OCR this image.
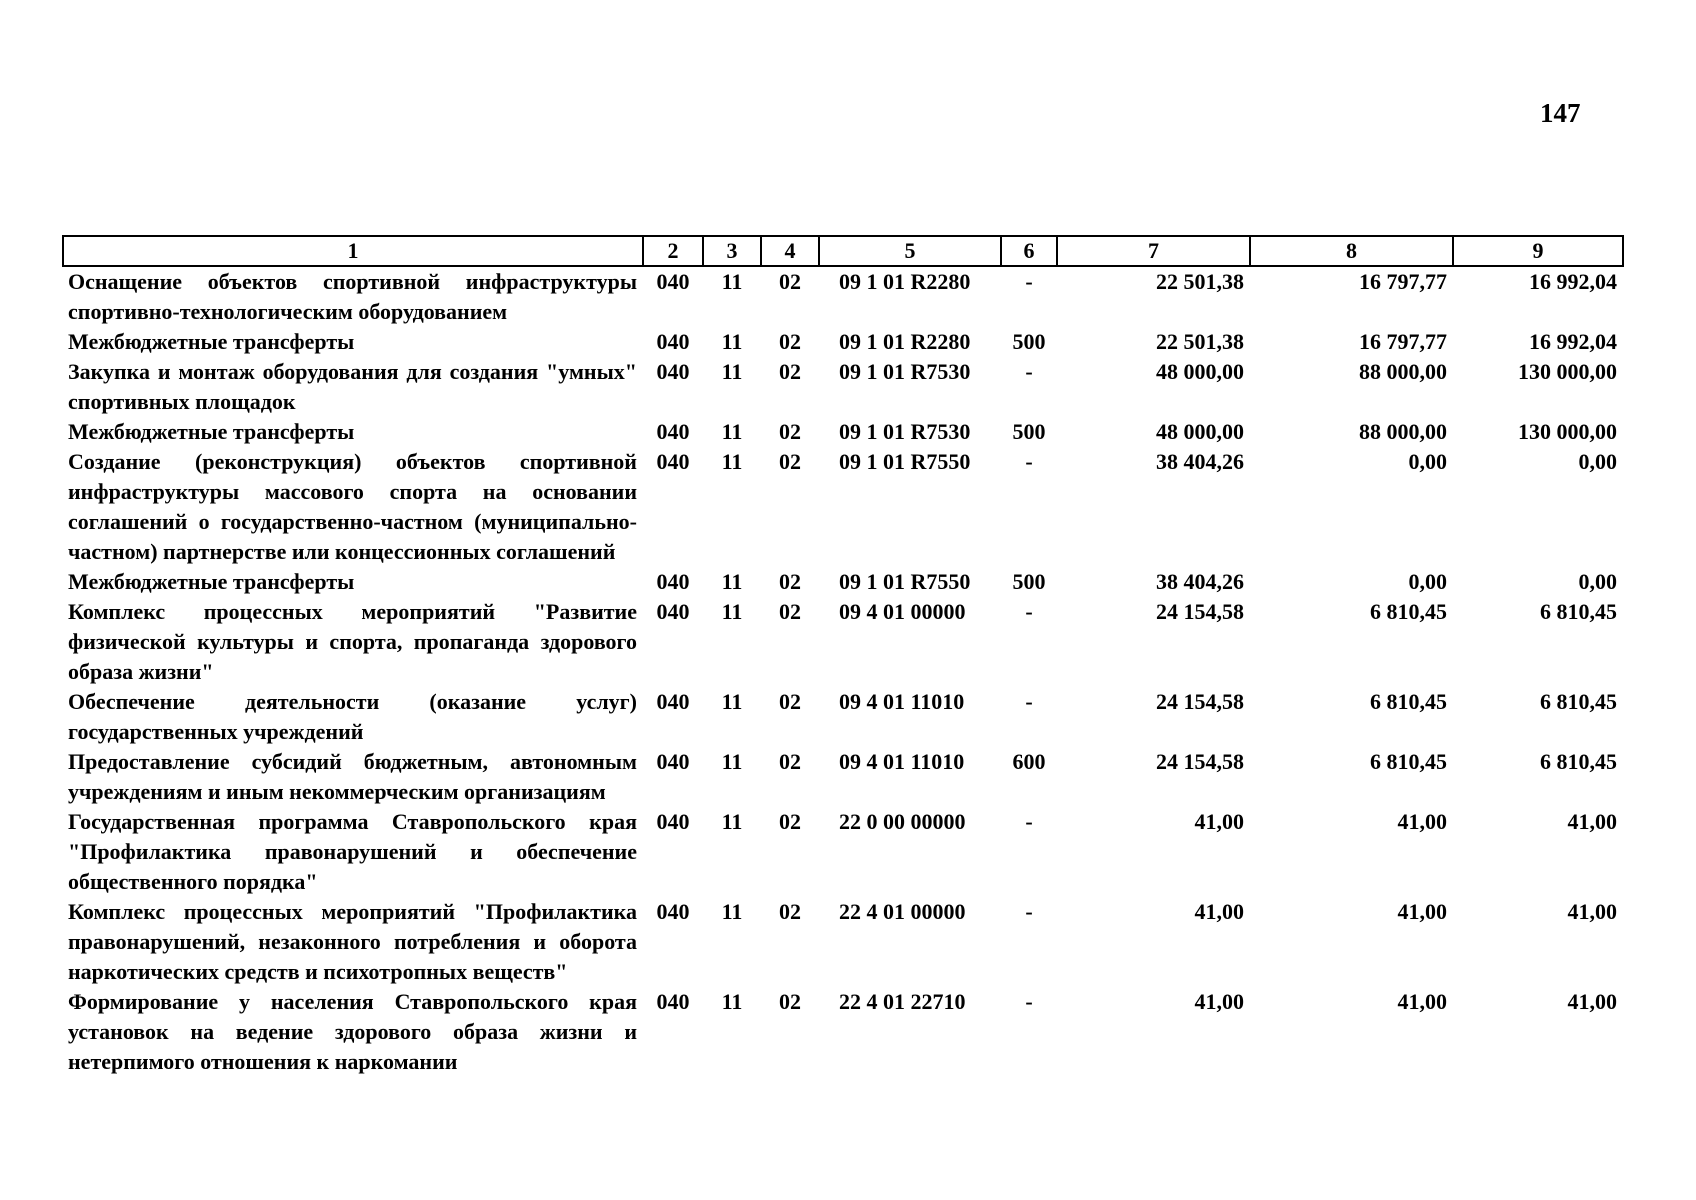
147
1	2	3	4	5	6	7	8	9
Оснащение объектов спортивной инфраструктуры спортивно-технологическим оборудованием	040	11	02	09 1 01 R2280	-	22 501,38	16 797,77	16 992,04
Межбюджетные трансферты	040	11	02	09 1 01 R2280	500	22 501,38	16 797,77	16 992,04
Закупка и монтаж оборудования для создания "умных" спортивных площадок	040	11	02	09 1 01 R7530	-	48 000,00	88 000,00	130 000,00
Межбюджетные трансферты	040	11	02	09 1 01 R7530	500	48 000,00	88 000,00	130 000,00
Создание (реконструкция) объектов спортивной инфраструктуры массового спорта на основании соглашений о государственно-частном (муниципально-частном) партнерстве или концессионных соглашений	040	11	02	09 1 01 R7550	-	38 404,26	0,00	0,00
Межбюджетные трансферты	040	11	02	09 1 01 R7550	500	38 404,26	0,00	0,00
Комплекс процессных мероприятий "Развитие физической культуры и спорта, пропаганда здорового образа жизни"	040	11	02	09 4 01 00000	-	24 154,58	6 810,45	6 810,45
Обеспечение деятельности (оказание услуг) государственных учреждений	040	11	02	09 4 01 11010	-	24 154,58	6 810,45	6 810,45
Предоставление субсидий бюджетным, автономным учреждениям и иным некоммерческим организациям	040	11	02	09 4 01 11010	600	24 154,58	6 810,45	6 810,45
Государственная программа Ставропольского края "Профилактика правонарушений и обеспечение общественного порядка"	040	11	02	22 0 00 00000	-	41,00	41,00	41,00
Комплекс процессных мероприятий "Профилактика правонарушений, незаконного потребления и оборота наркотических средств и психотропных веществ"	040	11	02	22 4 01 00000	-	41,00	41,00	41,00
Формирование у населения Ставропольского края установок на ведение здорового образа жизни и нетерпимого отношения к наркомании	040	11	02	22 4 01 22710	-	41,00	41,00	41,00
